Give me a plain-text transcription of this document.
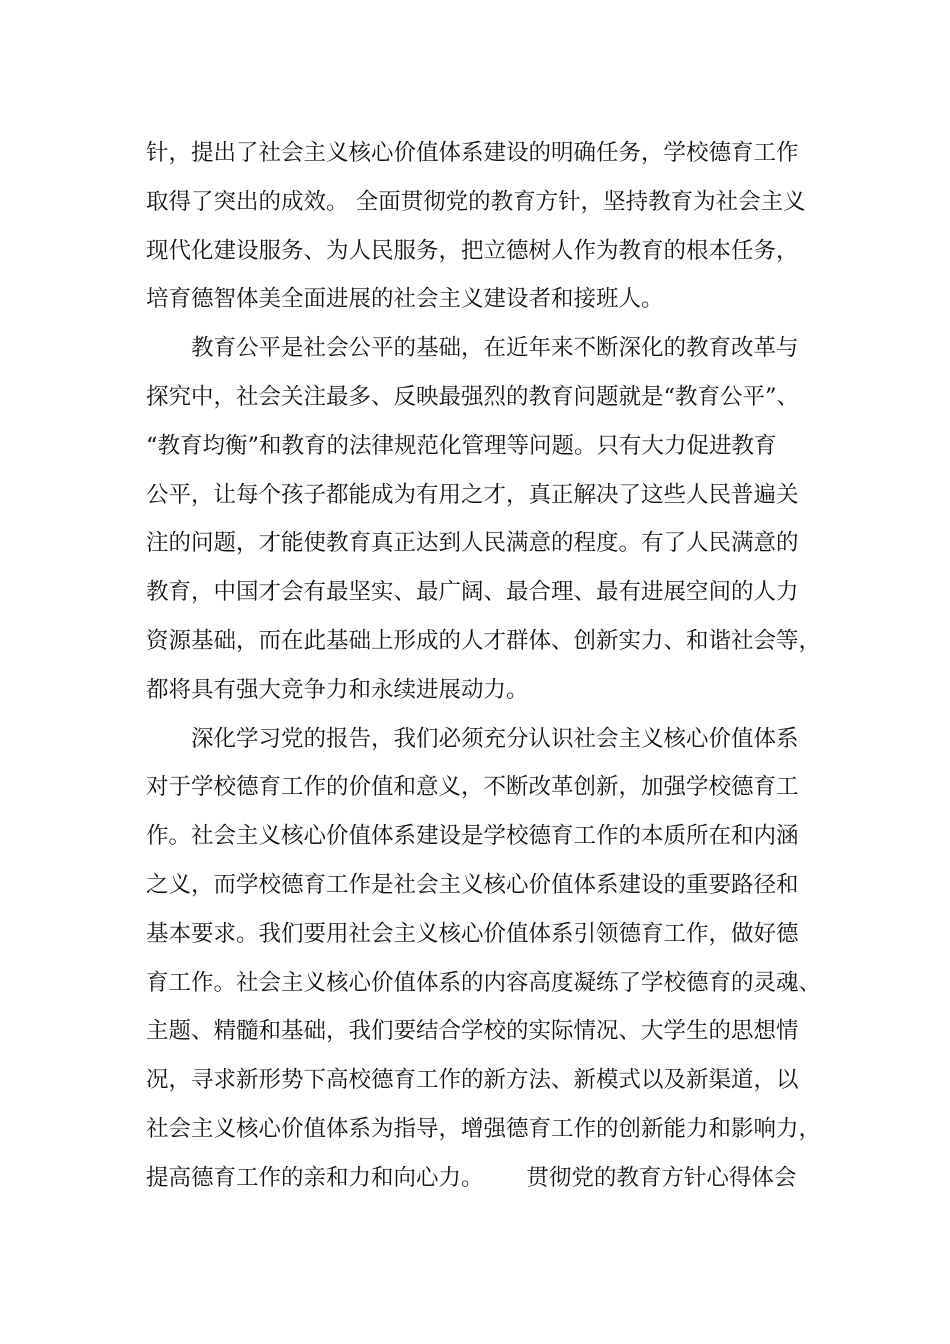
针，提出了社会主义核心价值体系建设的明确任务，学校德育工作
取得了突出的成效。 全面贯彻党的教育方针，坚持教育为社会主义
现代化建设服务、为人民服务，把立德树人作为教育的根本任务，
培育德智体美全面进展的社会主义建设者和接班人。
教育公平是社会公平的基础，在近年来不断深化的教育改革与
探究中，社会关注最多、反映最强烈的教育问题就是“教育公平”、
“教育均衡”和教育的法律规范化管理等问题。只有大力促进教育
公平，让每个孩子都能成为有用之才，真正解决了这些人民普遍关
注的问题，才能使教育真正达到人民满意的程度。有了人民满意的
教育，中国才会有最坚实、最广阔、最合理、最有进展空间的人力
资源基础，而在此基础上形成的人才群体、创新实力、和谐社会等，
都将具有强大竞争力和永续进展动力。
深化学习党的报告，我们必须充分认识社会主义核心价值体系
对于学校德育工作的价值和意义，不断改革创新，加强学校德育工
作。社会主义核心价值体系建设是学校德育工作的本质所在和内涵
之义，而学校德育工作是社会主义核心价值体系建设的重要路径和
基本要求。我们要用社会主义核心价值体系引领德育工作，做好德
育工作。社会主义核心价值体系的内容高度凝练了学校德育的灵魂、
主题、精髓和基础，我们要结合学校的实际情况、大学生的思想情
况，寻求新形势下高校德育工作的新方法、新模式以及新渠道，以
社会主义核心价值体系为指导，增强德育工作的创新能力和影响力，
提高德育工作的亲和力和向心力。      贯彻党的教育方针心得体会
